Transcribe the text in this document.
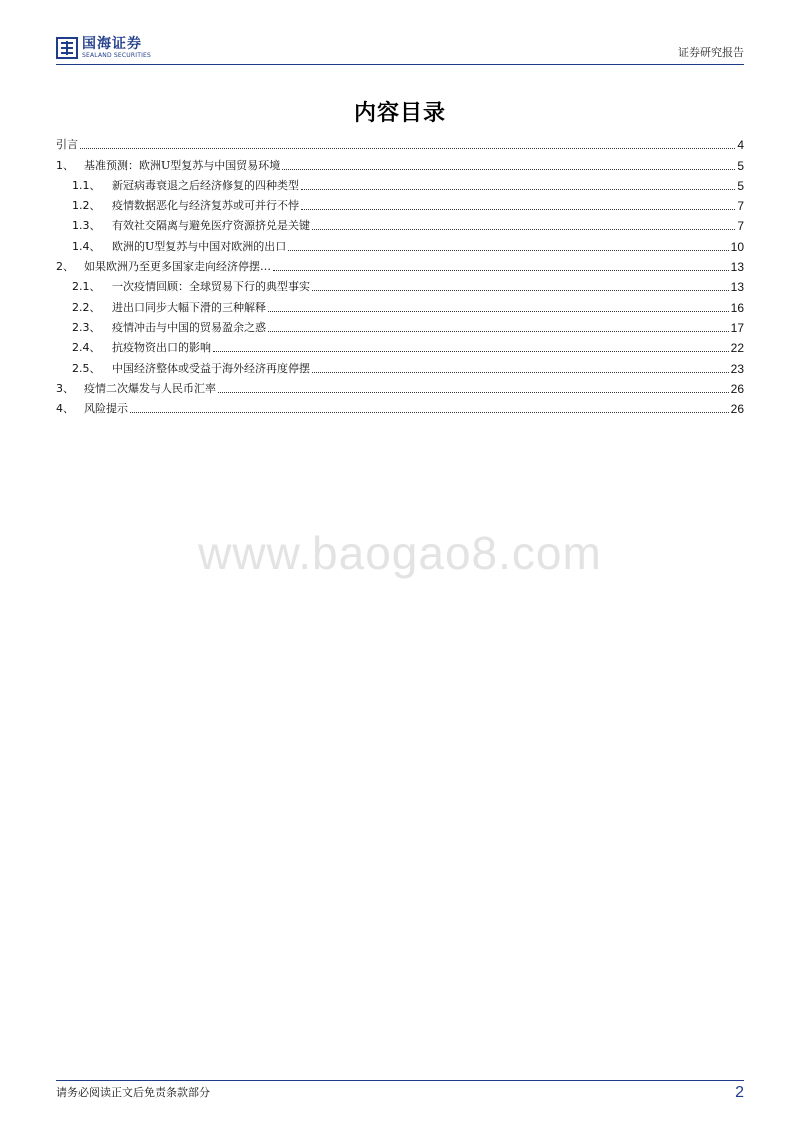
国海证券
SEALAND SECURITIES	证券研究报告
内容目录
引言	4
1、 基准预测：欧洲U型复苏与中国贸易环境	5
1.1、	新冠病毒衰退之后经济修复的四种类型	5
1.2、	疫情数据恶化与经济复苏或可并行不悖	7
1.3、	有效社交隔离与避免医疗资源挤兑是关键	7
1.4、	欧洲的U型复苏与中国对欧洲的出口	10
2、 如果欧洲乃至更多国家走向经济停摆…	13
2.1、	一次疫情回顾：全球贸易下行的典型事实	13
2.2、	进出口同步大幅下滑的三种解释	16
2.3、	疫情冲击与中国的贸易盈余之惑	17
2.4、	抗疫物资出口的影响	22
2.5、	中国经济整体或受益于海外经济再度停摆	23
3、 疫情二次爆发与人民币汇率	26
4、 风险提示	26
www.baogao8.com
请务必阅读正文后免责条款部分	2
